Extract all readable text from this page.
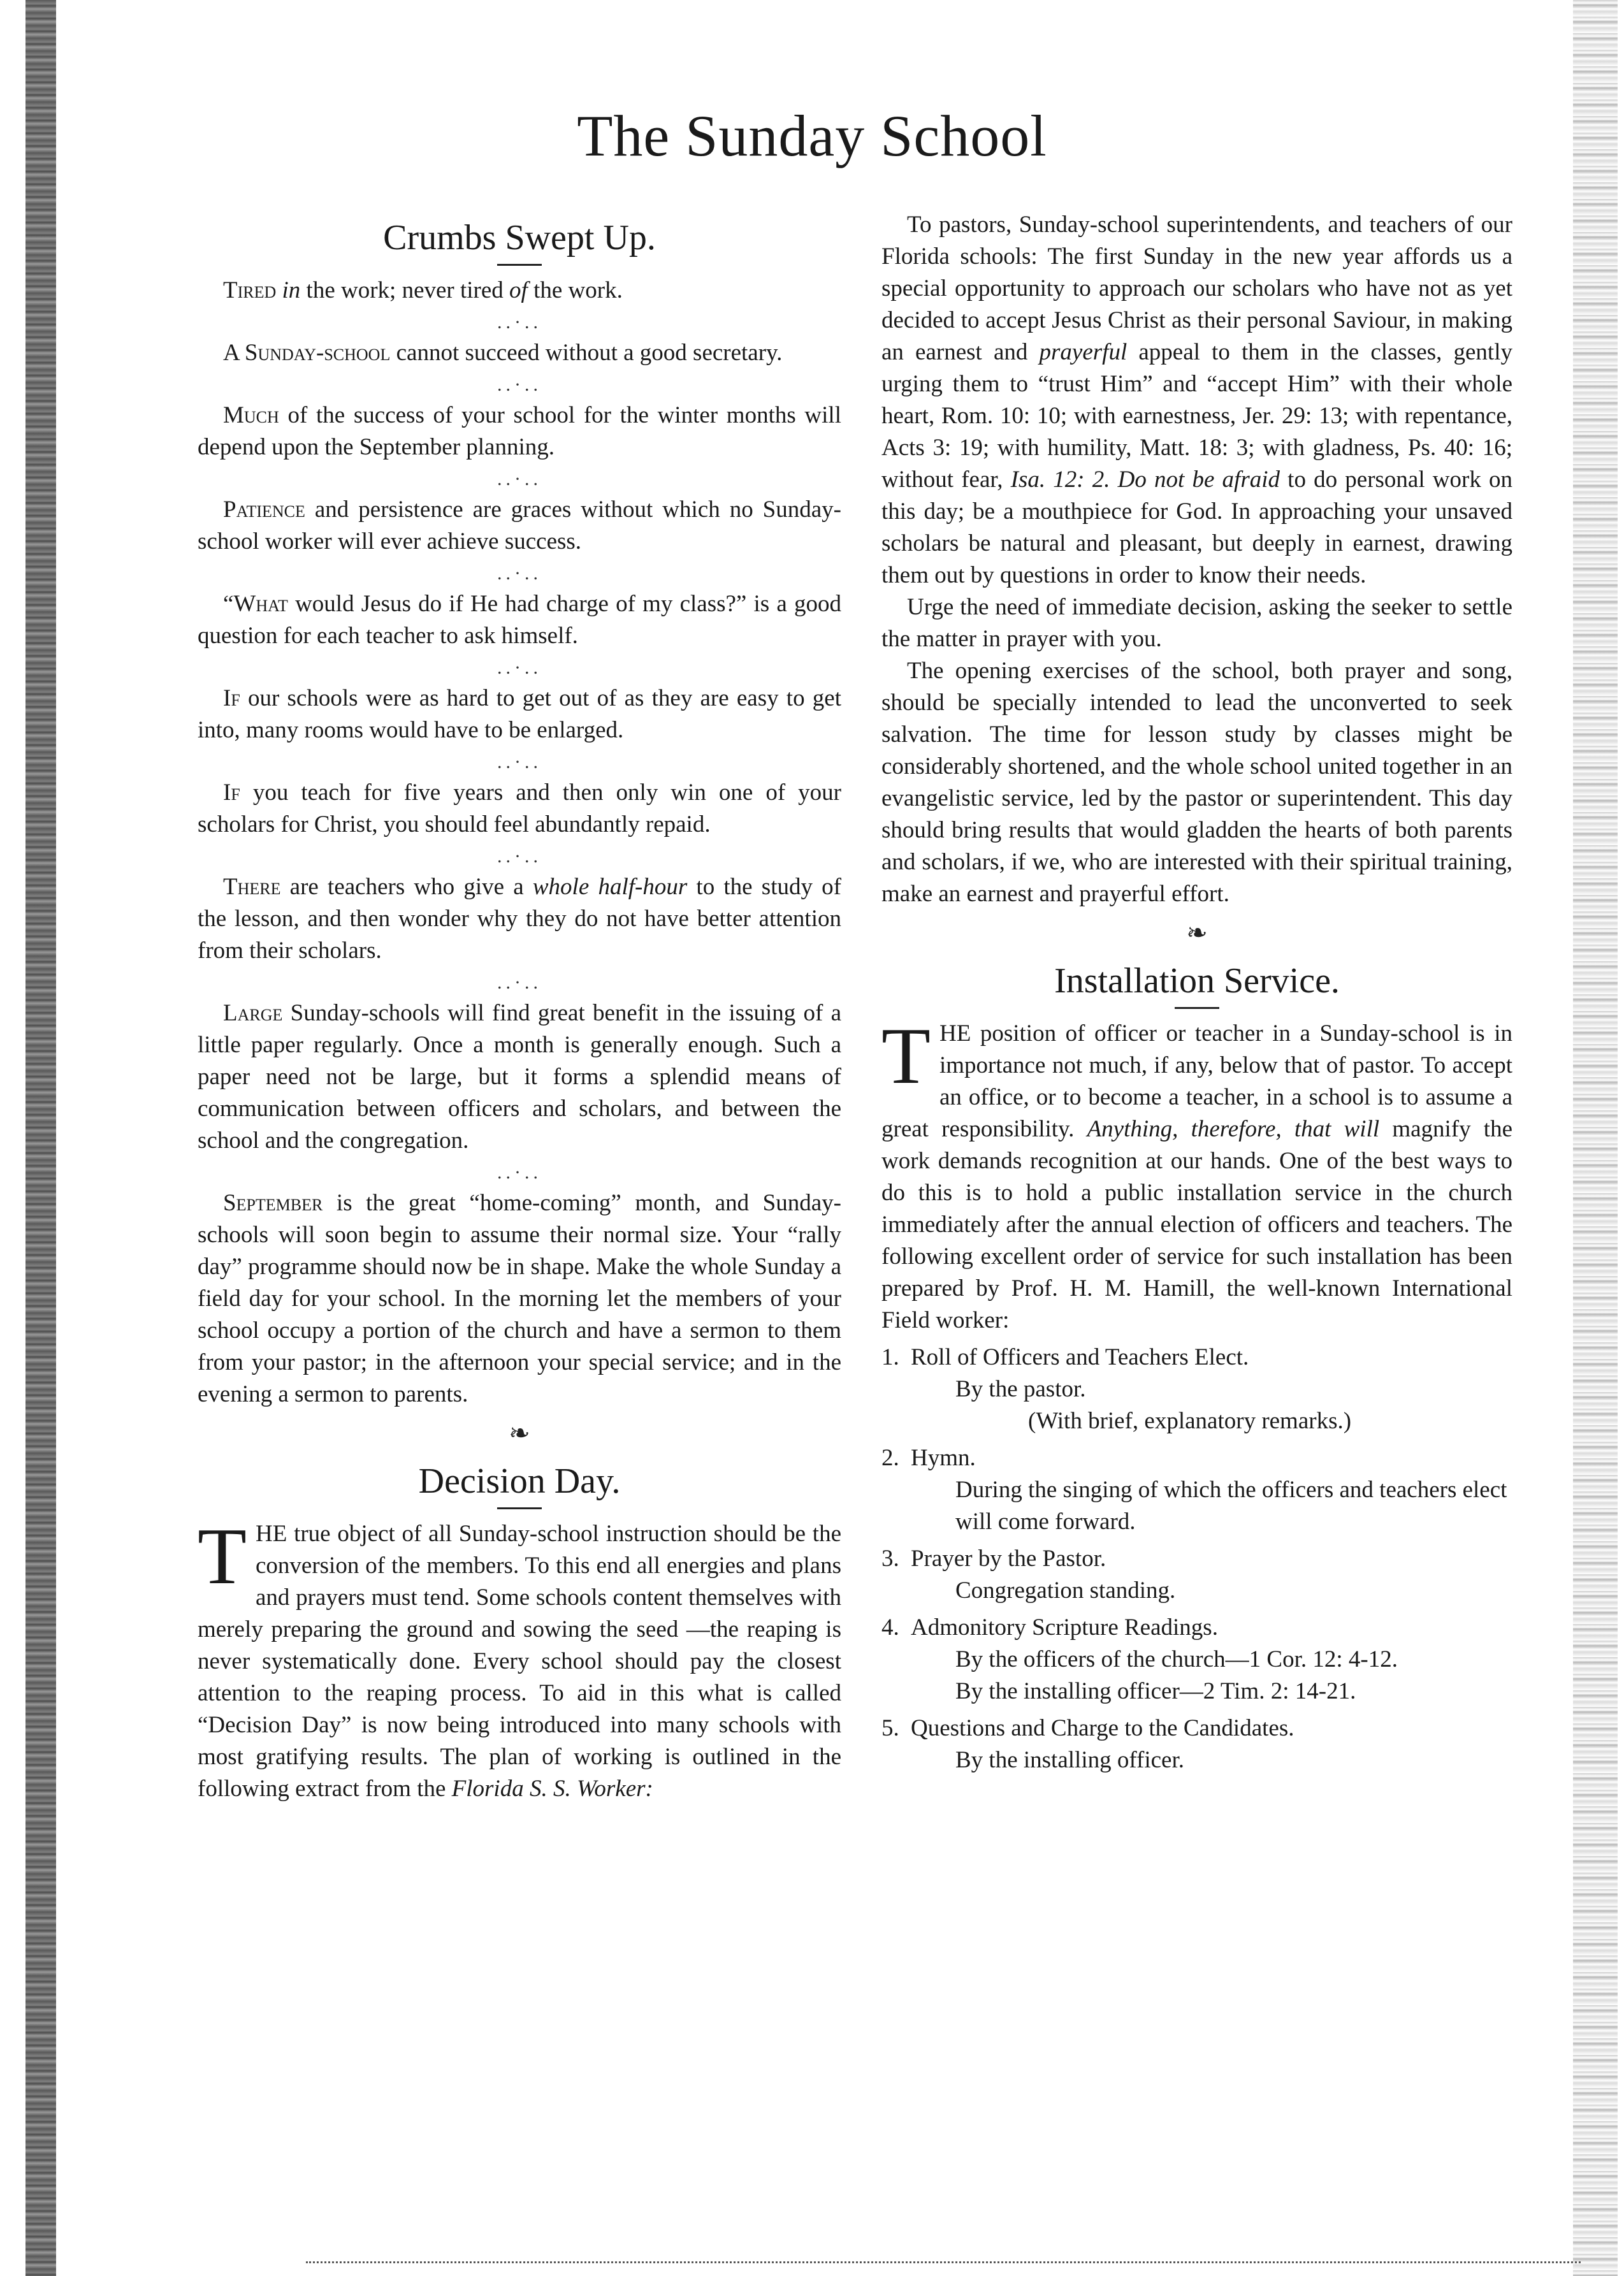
The Sunday School
Crumbs Swept Up.

Tired in the work; never tired of the work.

..·..

A Sunday-school cannot succeed without a good secretary.

..·..

Much of the success of your school for the winter months will depend upon the September planning.

..·..

Patience and persistence are graces without which no Sunday-school worker will ever achieve success.

..·..

“What would Jesus do if He had charge of my class?” is a good question for each teacher to ask himself.

..·..

If our schools were as hard to get out of as they are easy to get into, many rooms would have to be enlarged.

..·..

If you teach for five years and then only win one of your scholars for Christ, you should feel abundantly repaid.

..·..

There are teachers who give a whole half-hour to the study of the lesson, and then wonder why they do not have better attention from their scholars.

..·..

Large Sunday-schools will find great benefit in the issuing of a little paper regularly. Once a month is generally enough. Such a paper need not be large, but it forms a splendid means of communication between officers and scholars, and between the school and the congregation.

..·..

September is the great “home-coming” month, and Sunday-schools will soon begin to assume their normal size. Your “rally day” programme should now be in shape. Make the whole Sunday a field day for your school. In the morning let the members of your school occupy a portion of the church and have a sermon to them from your pastor; in the afternoon your special service; and in the evening a sermon to parents.

❧
Decision Day.

THE true object of all Sunday-school instruction should be the conversion of the members. To this end all energies and plans and prayers must tend. Some schools content themselves with merely preparing the ground and sowing the seed —the reaping is never systematically done. Every school should pay the closest attention to the reaping process. To aid in this what is called “Decision Day” is now being introduced into many schools with most gratifying results. The plan of working is outlined in the following extract from the Florida S. S. Worker:

To pastors, Sunday-school superintendents, and teachers of our Florida schools: The first Sunday in the new year affords us a special opportunity to approach our scholars who have not as yet decided to accept Jesus Christ as their personal Saviour, in making an earnest and prayerful appeal to them in the classes, gently urging them to “trust Him” and “accept Him” with their whole heart, Rom. 10: 10; with earnestness, Jer. 29: 13; with repentance, Acts 3: 19; with humility, Matt. 18: 3; with gladness, Ps. 40: 16; without fear, Isa. 12: 2. Do not be afraid to do personal work on this day; be a mouthpiece for God. In approaching your unsaved scholars be natural and pleasant, but deeply in earnest, drawing them out by questions in order to know their needs.

Urge the need of immediate decision, asking the seeker to settle the matter in prayer with you.

The opening exercises of the school, both prayer and song, should be specially intended to lead the unconverted to seek salvation. The time for lesson study by classes might be considerably shortened, and the whole school united together in an evangelistic service, led by the pastor or superintendent. This day should bring results that would gladden the hearts of both parents and scholars, if we, who are interested with their spiritual training, make an earnest and prayerful effort.

❧
Installation Service.

T HE position of officer or teacher in a Sunday-school is in importance not much, if any, below that of pastor. To accept an office, or to become a teacher, in a school is to assume a great responsibility. Anything, therefore, that will magnify the work demands recognition at our hands. One of the best ways to do this is to hold a public installation service in the church immediately after the annual election of officers and teachers. The following excellent order of service for such installation has been prepared by Prof. H. M. Hamill, the well-known International Field worker:

1. Roll of Officers and Teachers Elect.
By the pastor.
(With brief, explanatory remarks.)
2. Hymn.
During the singing of which the officers and teachers elect will come forward.
3. Prayer by the Pastor.
Congregation standing.
4. Admonitory Scripture Readings.
By the officers of the church—1 Cor. 12: 4-12.
By the installing officer—2 Tim. 2: 14-21.
5. Questions and Charge to the Candidates.
By the installing officer.
